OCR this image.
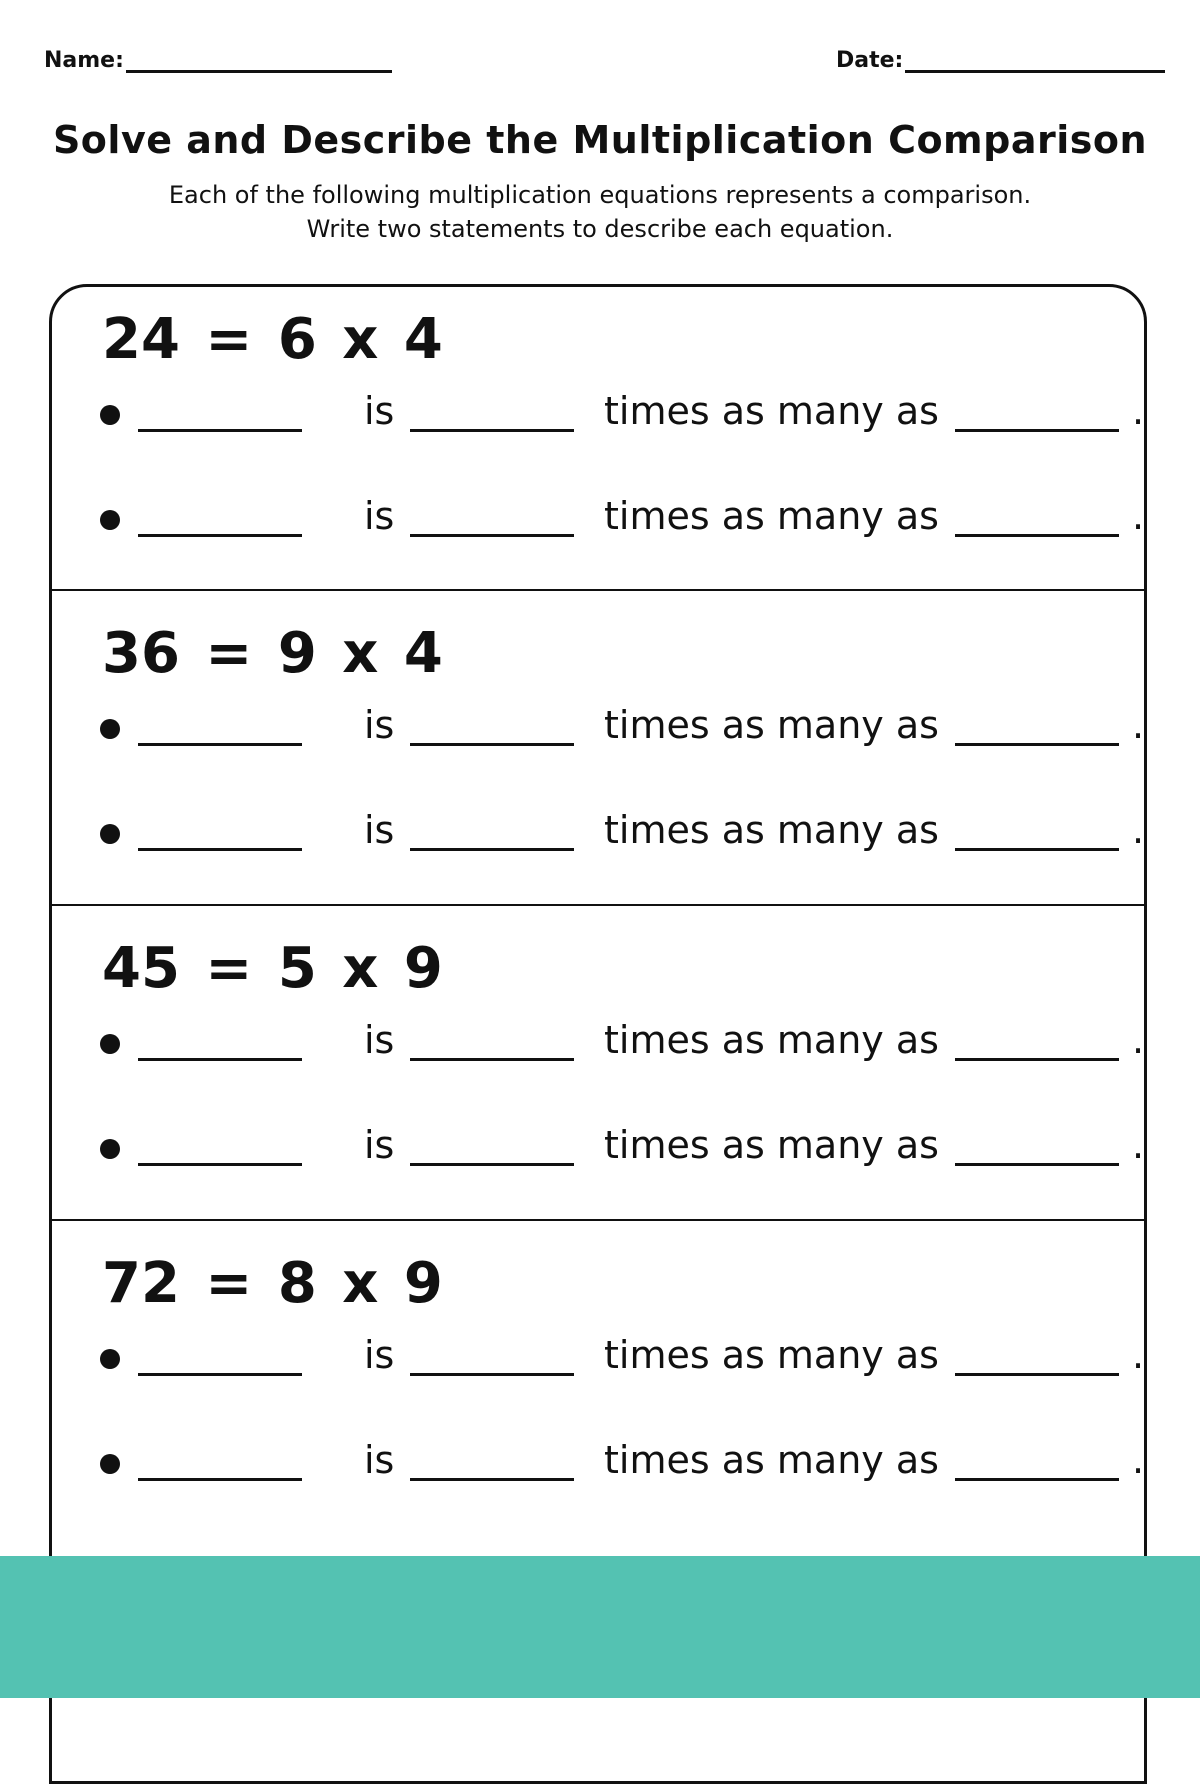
Name:	Date:
Solve and Describe the Multiplication Comparison
Each of the following multiplication equations represents a comparison.
Write two statements to describe each equation.
24 = 6 x 4
is	times as many as	.
is	times as many as	.
36 = 9 x 4
is	times as many as	.
is	times as many as	.
45 = 5 x 9
is	times as many as	.
is	times as many as	.
72 = 8 x 9
is	times as many as	.
is	times as many as	.
